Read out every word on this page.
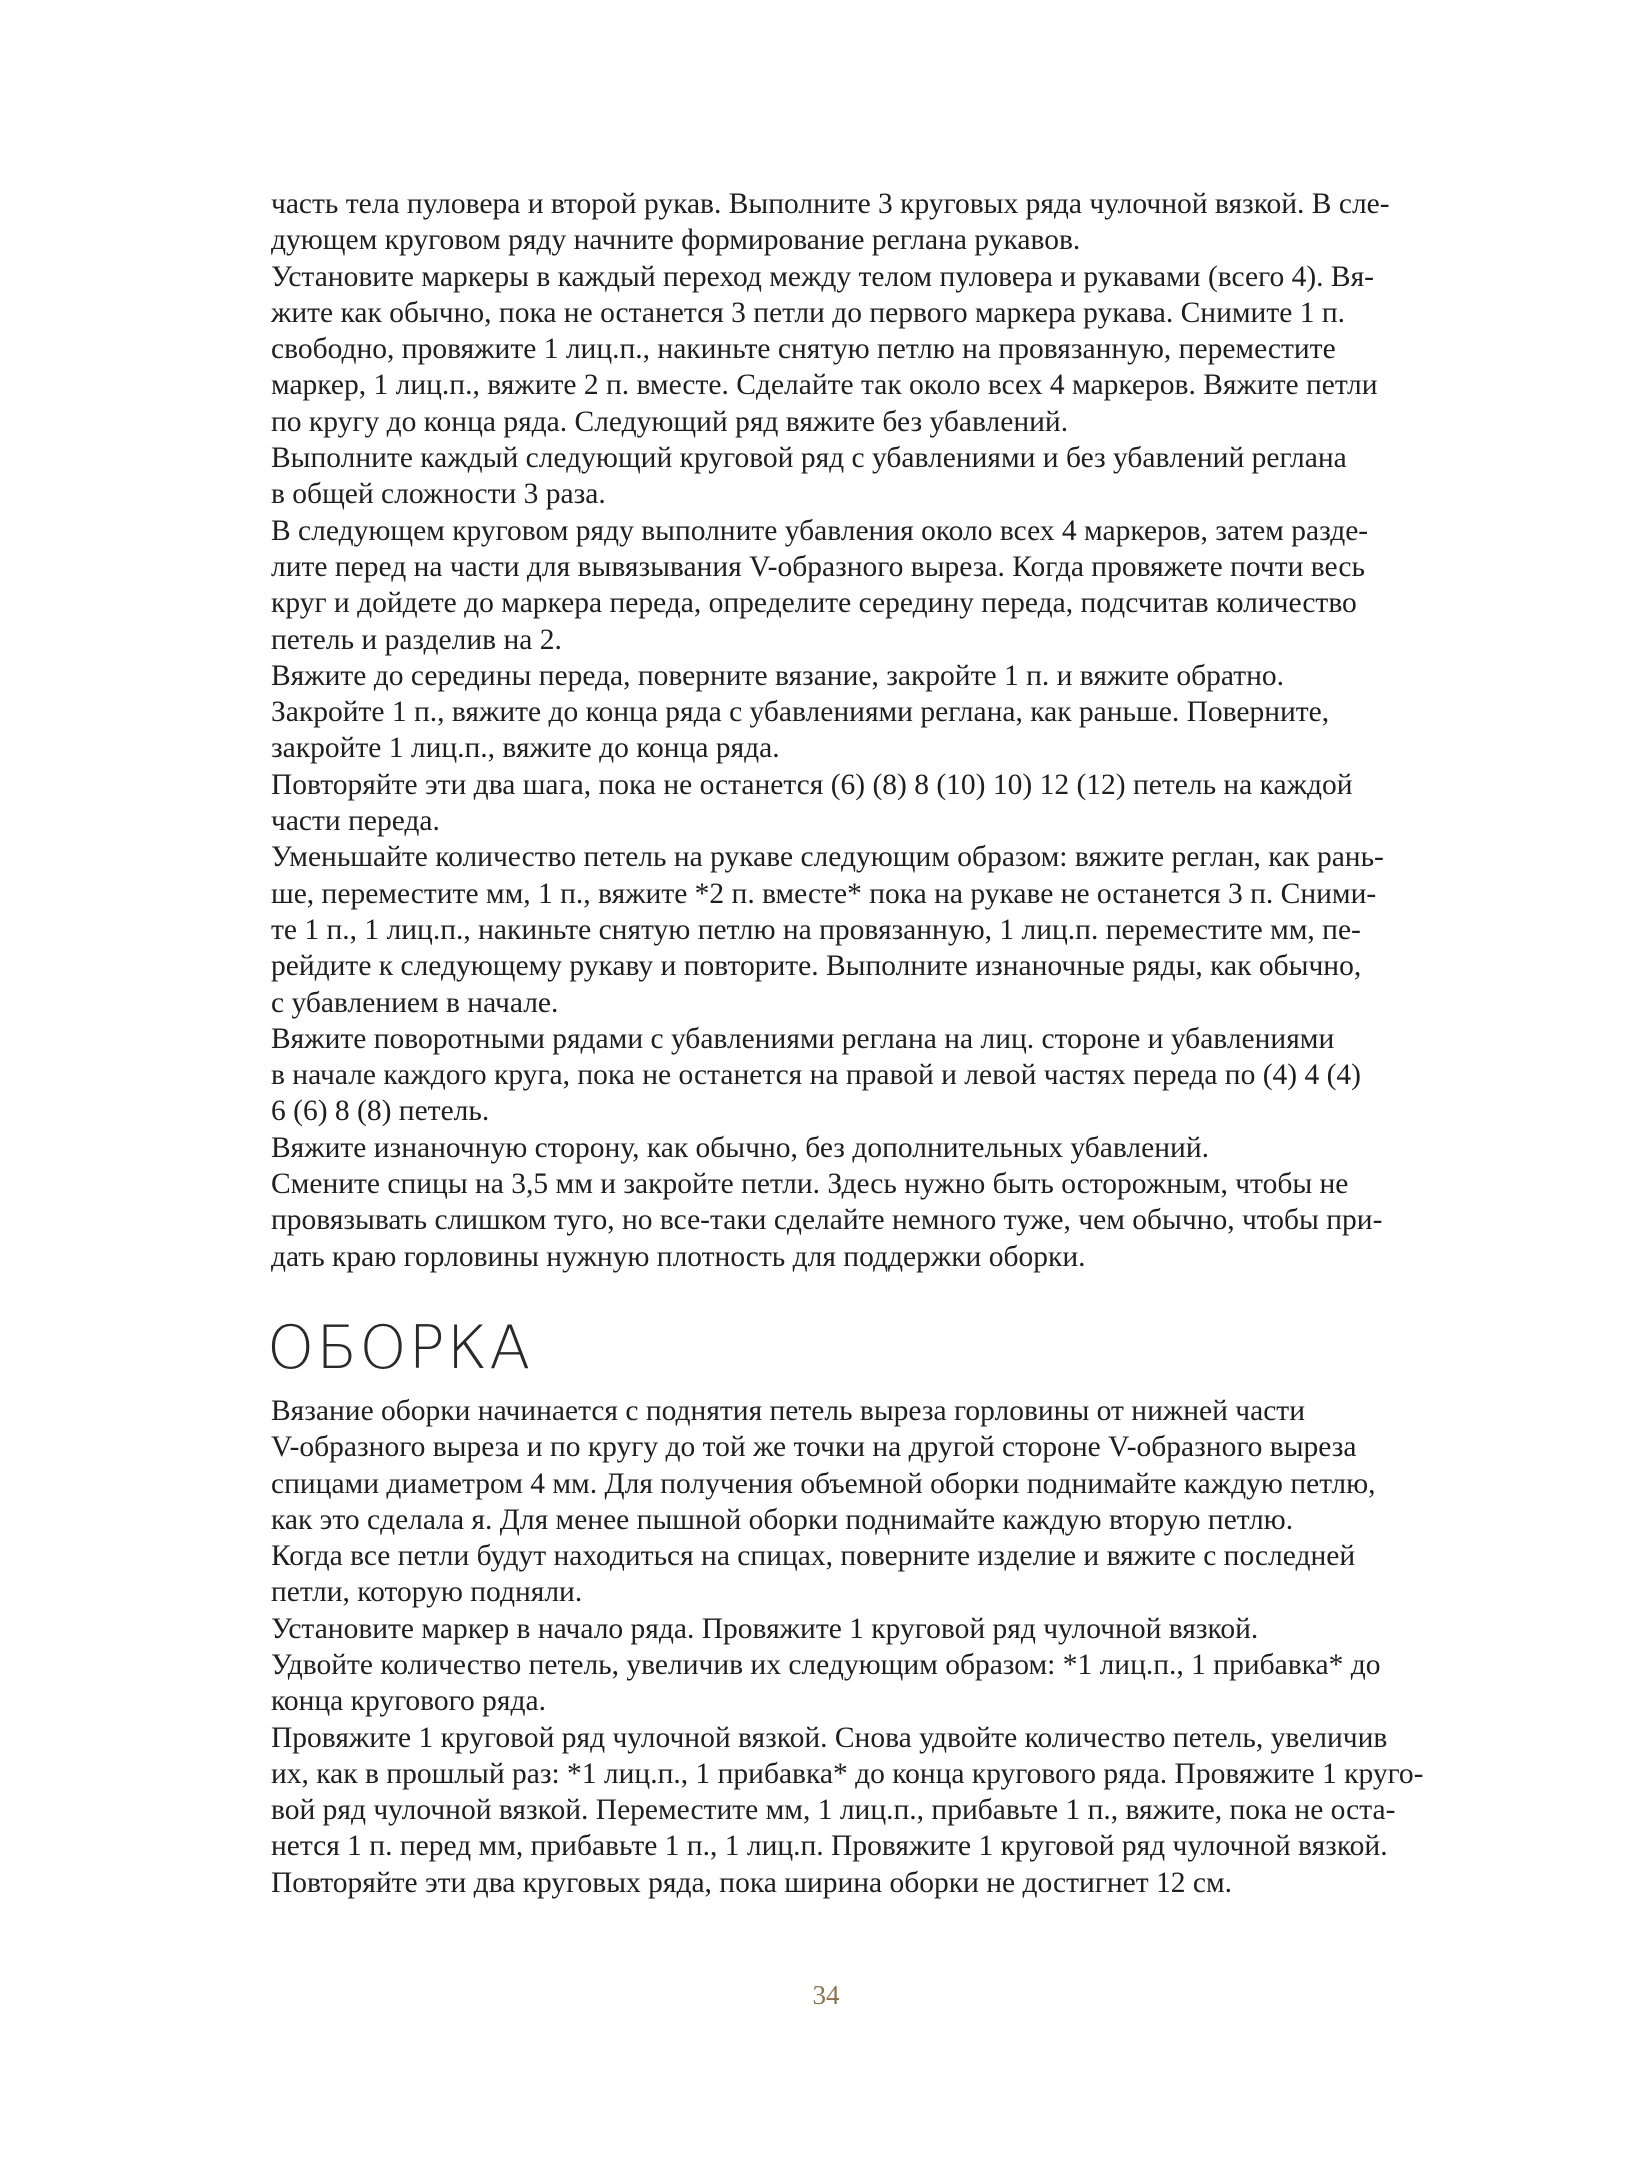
часть тела пуловера и второй рукав. Выполните 3 круговых ряда чулочной вязкой. В сле-
дующем круговом ряду начните формирование реглана рукавов.

Установите маркеры в каждый переход между телом пуловера и рукавами (всего 4). Вя-
жите как обычно, пока не останется 3 петли до первого маркера рукава. Снимите 1 п.
свободно, провяжите 1 лиц.п., накиньте снятую петлю на провязанную, переместите
маркер, 1 лиц.п., вяжите 2 п. вместе. Сделайте так около всех 4 маркеров. Вяжите петли
по кругу до конца ряда. Следующий ряд вяжите без убавлений.

Выполните каждый следующий круговой ряд с убавлениями и без убавлений реглана
в общей сложности 3 раза.

В следующем круговом ряду выполните убавления около всех 4 маркеров, затем разде-
лите перед на части для вывязывания V-образного выреза. Когда провяжете почти весь
круг и дойдете до маркера переда, определите середину переда, подсчитав количество
петель и разделив на 2.

Вяжите до середины переда, поверните вязание, закройте 1 п. и вяжите обратно.
Закройте 1 п., вяжите до конца ряда с убавлениями реглана, как раньше. Поверните,
закройте 1 лиц.п., вяжите до конца ряда.

Повторяйте эти два шага, пока не останется (6) (8) 8 (10) 10) 12 (12) петель на каждой
части переда.

Уменьшайте количество петель на рукаве следующим образом: вяжите реглан, как рань-
ше, переместите мм, 1 п., вяжите *2 п. вместе* пока на рукаве не останется 3 п. Сними-
те 1 п., 1 лиц.п., накиньте снятую петлю на провязанную, 1 лиц.п. переместите мм, пе-
рейдите к следующему рукаву и повторите. Выполните изнаночные ряды, как обычно,
с убавлением в начале.

Вяжите поворотными рядами с убавлениями реглана на лиц. стороне и убавлениями
в начале каждого круга, пока не останется на правой и левой частях переда по (4) 4 (4)
6 (6) 8 (8) петель.

Вяжите изнаночную сторону, как обычно, без дополнительных убавлений.

Смените спицы на 3,5 мм и закройте петли. Здесь нужно быть осторожным, чтобы не
провязывать слишком туго, но все-таки сделайте немного туже, чем обычно, чтобы при-
дать краю горловины нужную плотность для поддержки оборки.

ОБОРКА

Вязание оборки начинается с поднятия петель выреза горловины от нижней части
V-образного выреза и по кругу до той же точки на другой стороне V-образного выреза
спицами диаметром 4 мм. Для получения объемной оборки поднимайте каждую петлю,
как это сделала я. Для менее пышной оборки поднимайте каждую вторую петлю.

Когда все петли будут находиться на спицах, поверните изделие и вяжите с последней
петли, которую подняли.

Установите маркер в начало ряда. Провяжите 1 круговой ряд чулочной вязкой.

Удвойте количество петель, увеличив их следующим образом: *1 лиц.п., 1 прибавка* до
конца кругового ряда.

Провяжите 1 круговой ряд чулочной вязкой. Снова удвойте количество петель, увеличив
их, как в прошлый раз: *1 лиц.п., 1 прибавка* до конца кругового ряда. Провяжите 1 круго-
вой ряд чулочной вязкой. Переместите мм, 1 лиц.п., прибавьте 1 п., вяжите, пока не оста-
нется 1 п. перед мм, прибавьте 1 п., 1 лиц.п. Провяжите 1 круговой ряд чулочной вязкой.

Повторяйте эти два круговых ряда, пока ширина оборки не достигнет 12 см.

34
